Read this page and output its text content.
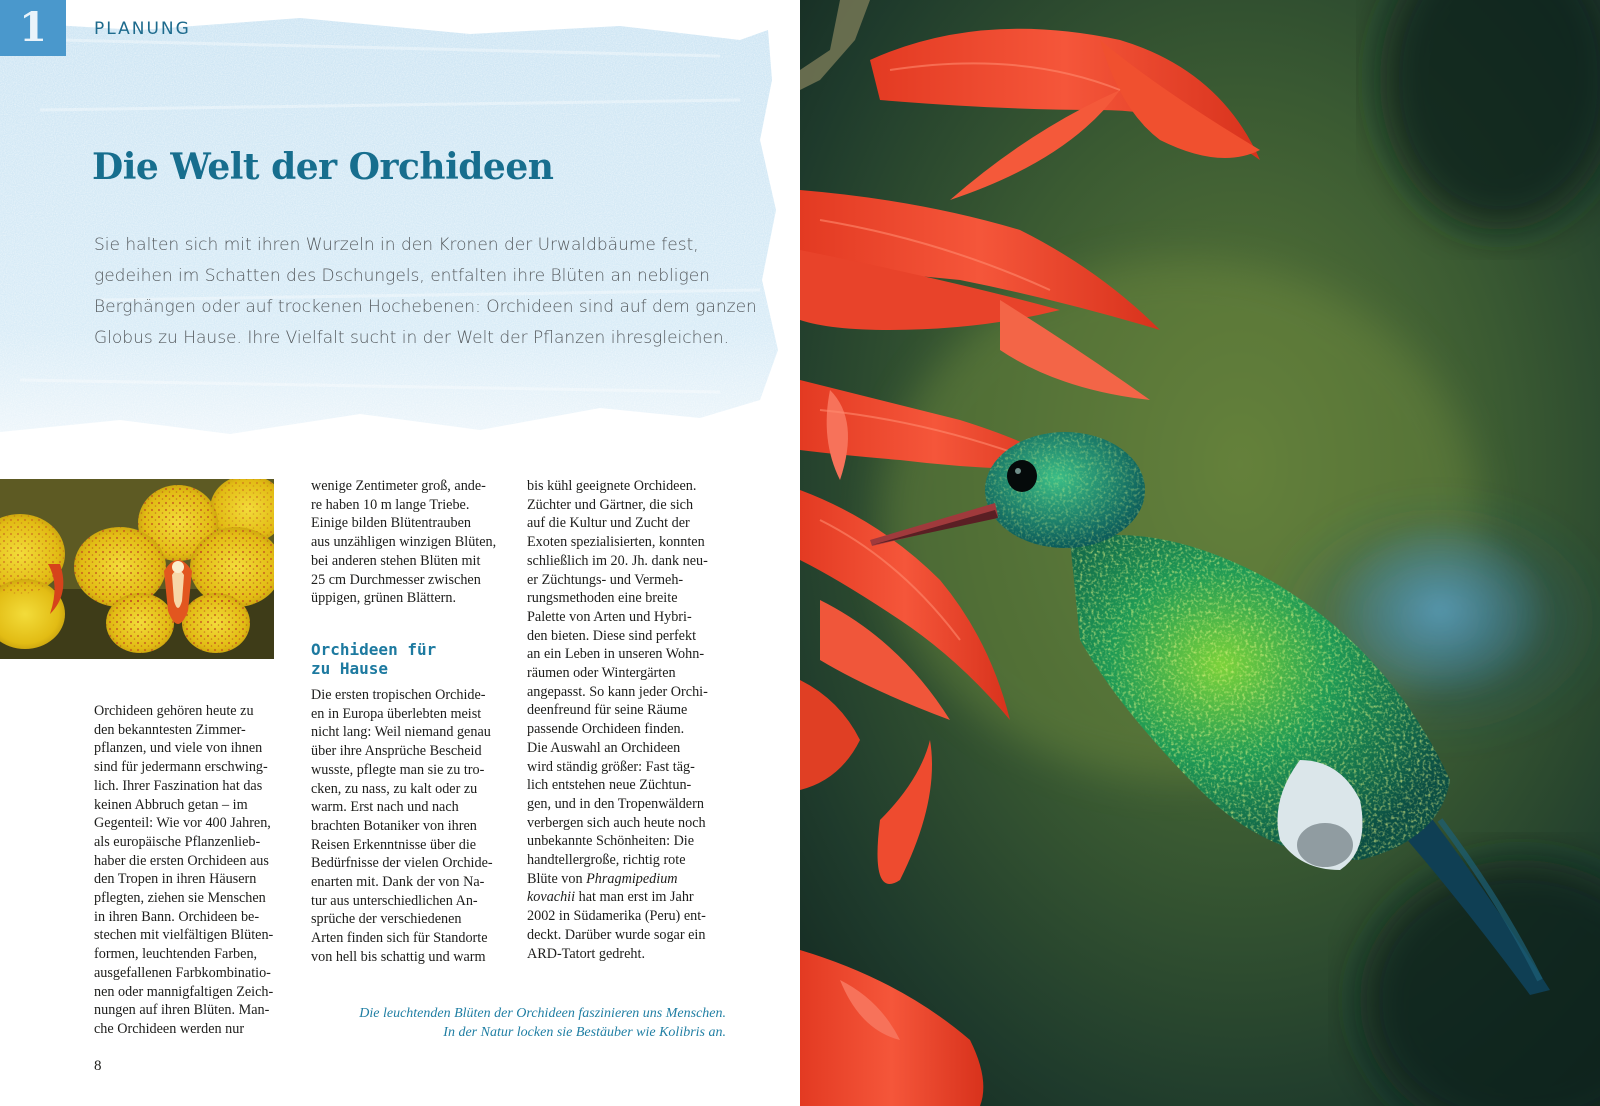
1	PLANUNG
Die Welt der Orchideen
Sie halten sich mit ihren Wurzeln in den Kronen der Urwaldbäume fest,
gedeihen im Schatten des Dschungels, entfalten ihre Blüten an nebligen
Berghängen oder auf trockenen Hochebenen: Orchideen sind auf dem ganzen
Globus zu Hause. Ihre Vielfalt sucht in der Welt der Pflanzen ihresgleichen.
Orchideen gehören heute zu
den bekanntesten Zimmer-
pflanzen, und viele von ihnen
sind für jedermann erschwing-
lich. Ihrer Faszination hat das
keinen Abbruch getan – im
Gegenteil: Wie vor 400 Jahren,
als europäische Pflanzenlieb-
haber die ersten Orchideen aus
den Tropen in ihren Häusern
pflegten, ziehen sie Menschen
in ihren Bann. Orchideen be-
stechen mit vielfältigen Blüten-
formen, leuchtenden Farben,
ausgefallenen Farbkombinatio-
nen oder mannigfaltigen Zeich-
nungen auf ihren Blüten. Man-
che Orchideen werden nur
wenige Zentimeter groß, ande-
re haben 10 m lange Triebe.
Einige bilden Blütentrauben
aus unzähligen winzigen Blüten,
bei anderen stehen Blüten mit
25 cm Durchmesser zwischen
üppigen, grünen Blättern.
Orchideen für
zu Hause
Die ersten tropischen Orchide-
en in Europa überlebten meist
nicht lang: Weil niemand genau
über ihre Ansprüche Bescheid
wusste, pflegte man sie zu tro-
cken, zu nass, zu kalt oder zu
warm. Erst nach und nach
brachten Botaniker von ihren
Reisen Erkenntnisse über die
Bedürfnisse der vielen Orchide-
enarten mit. Dank der von Na-
tur aus unterschiedlichen An-
sprüche der verschiedenen
Arten finden sich für Standorte
von hell bis schattig und warm
bis kühl geeignete Orchideen.
Züchter und Gärtner, die sich
auf die Kultur und Zucht der
Exoten spezialisierten, konnten
schließlich im 20. Jh. dank neu-
er Züchtungs- und Vermeh-
rungsmethoden eine breite
Palette von Arten und Hybri-
den bieten. Diese sind perfekt
an ein Leben in unseren Wohn-
räumen oder Wintergärten
angepasst. So kann jeder Orchi-
deenfreund für seine Räume
passende Orchideen finden.
Die Auswahl an Orchideen
wird ständig größer: Fast täg-
lich entstehen neue Züchtun-
gen, und in den Tropenwäldern
verbergen sich auch heute noch
unbekannte Schönheiten: Die
handtellergroße, richtig rote
Blüte von Phragmipedium
kovachii hat man erst im Jahr
2002 in Südamerika (Peru) ent-
deckt. Darüber wurde sogar ein
ARD-Tatort gedreht.
Die leuchtenden Blüten der Orchideen faszinieren uns Menschen.
In der Natur locken sie Bestäuber wie Kolibris an.
8
